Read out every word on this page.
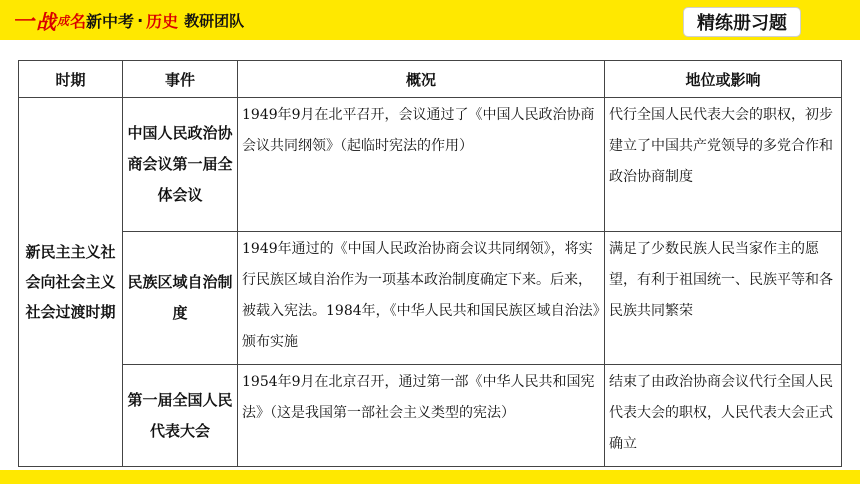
一 战 成 名 新中考 · 历史 教研团队	精练册习题
时期	事件	概况	地位或影响
新民主主义社会向社会主义社会过渡时期	中国人民政治协商会议第一届全体会议	1949年9月在北平召开，会议通过了《中国人民政治协商会议共同纲领》（起临时宪法的作用）	代行全国人民代表大会的职权，初步建立了中国共产党领导的多党合作和政治协商制度
	民族区域自治制度	1949年通过的《中国人民政治协商会议共同纲领》，将实行民族区域自治作为一项基本政治制度确定下来。后来，被载入宪法。1984年，《中华人民共和国民族区域自治法》颁布实施	满足了少数民族人民当家作主的愿望，有利于祖国统一、民族平等和各民族共同繁荣
	第一届全国人民代表大会	1954年9月在北京召开，通过第一部《中华人民共和国宪法》（这是我国第一部社会主义类型的宪法）	结束了由政治协商会议代行全国人民代表大会的职权，人民代表大会正式确立
